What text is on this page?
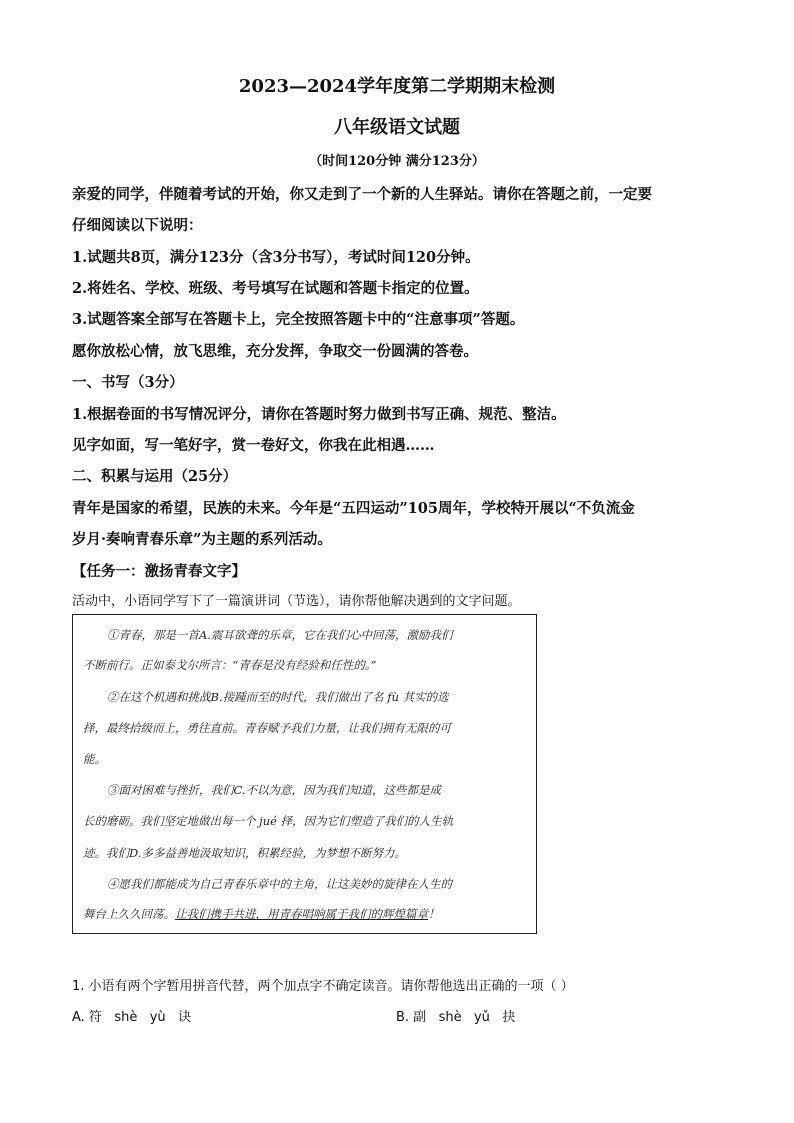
2023—2024学年度第二学期期末检测
八年级语文试题
（时间120分钟 满分123分）
亲爱的同学，伴随着考试的开始，你又走到了一个新的人生驿站。请你在答题之前，一定要
仔细阅读以下说明：
1.试题共8页，满分123分（含3分书写），考试时间120分钟。
2.将姓名、学校、班级、考号填写在试题和答题卡指定的位置。
3.试题答案全部写在答题卡上，完全按照答题卡中的“注意事项”答题。
愿你放松心情，放飞思维，充分发挥，争取交一份圆满的答卷。
一、书写（3分）
1.根据卷面的书写情况评分，请你在答题时努力做到书写正确、规范、整洁。
见字如面，写一笔好字，赏一卷好文，你我在此相遇……
二、积累与运用（25分）
青年是国家的希望，民族的未来。今年是“五四运动”105周年，学校特开展以“不负流金
岁月·奏响青春乐章”为主题的系列活动。
【任务一：激扬青春文字】
活动中，小语同学写下了一篇演讲词（节选），请你帮他解决遇到的文字问题。
①青春，那是一首A.震耳欲聋的乐章，它在我们心中回荡，激励我们
不断前行。正如泰戈尔所言：“青春是没有经验和任性的。”
②在这个机遇和挑战B.接踵而至的时代，我们做出了名 fù 其实的选
择，最终拾级而上，勇往直前。青春赋予我们力量，让我们拥有无限的可
能。
③面对困难与挫折，我们C.不以为意，因为我们知道，这些都是成
长的磨砺。我们坚定地做出每一个 jué 择，因为它们塑造了我们的人生轨
迹。我们D.多多益善地汲取知识，积累经验，为梦想不断努力。
④愿我们都能成为自己青春乐章中的主角，让这美妙的旋律在人生的
舞台上久久回荡。让我们携手共进，用青春唱响属于我们的辉煌篇章！
1. 小语有两个字暂用拼音代替，两个加点字不确定读音。请你帮他选出正确的一项（ ）
A. 符   shè   yù   诀	B. 副   shè   yǔ   抉
